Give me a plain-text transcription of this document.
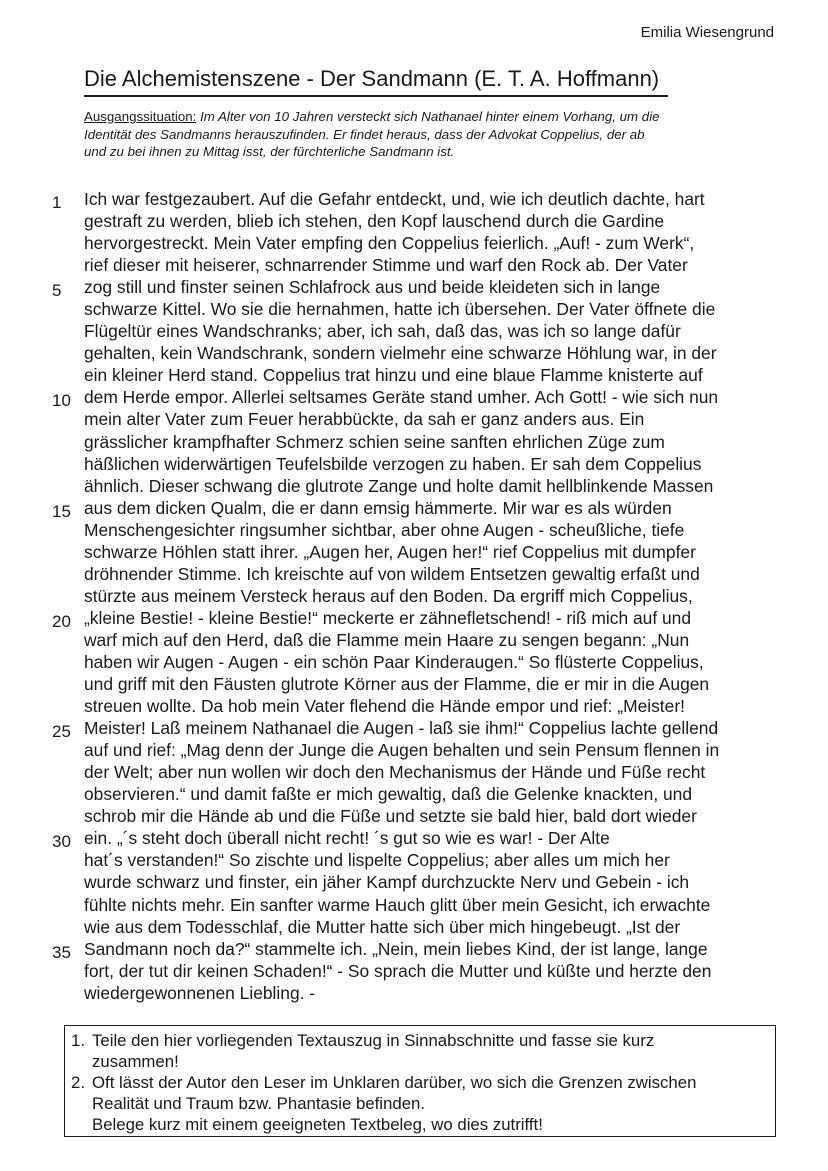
Emilia Wiesengrund
Die Alchemistenszene - Der Sandmann (E. T. A. Hoffmann)
Ausgangssituation: Im Alter von 10 Jahren versteckt sich Nathanael hinter einem Vorhang, um die
Identität des Sandmanns herauszufinden. Er findet heraus, dass der Advokat Coppelius, der ab
und zu bei ihnen zu Mittag isst, der fürchterliche Sandmann ist.
1 Ich war festgezaubert. Auf die Gefahr entdeckt, und, wie ich deutlich dachte, hart
gestraft zu werden, blieb ich stehen, den Kopf lauschend durch die Gardine
hervorgestreckt. Mein Vater empfing den Coppelius feierlich. „Auf! - zum Werk“,
rief dieser mit heiserer, schnarrender Stimme und warf den Rock ab. Der Vater
5 zog still und finster seinen Schlafrock aus und beide kleideten sich in lange
schwarze Kittel. Wo sie die hernahmen, hatte ich übersehen. Der Vater öffnete die
Flügeltür eines Wandschranks; aber, ich sah, daß das, was ich so lange dafür
gehalten, kein Wandschrank, sondern vielmehr eine schwarze Höhlung war, in der
ein kleiner Herd stand. Coppelius trat hinzu und eine blaue Flamme knisterte auf
10 dem Herde empor. Allerlei seltsames Geräte stand umher. Ach Gott! - wie sich nun
mein alter Vater zum Feuer herabbückte, da sah er ganz anders aus. Ein
grässlicher krampfhafter Schmerz schien seine sanften ehrlichen Züge zum
häßlichen widerwärtigen Teufelsbilde verzogen zu haben. Er sah dem Coppelius
ähnlich. Dieser schwang die glutrote Zange und holte damit hellblinkende Massen
15 aus dem dicken Qualm, die er dann emsig hämmerte. Mir war es als würden
Menschengesichter ringsumher sichtbar, aber ohne Augen - scheußliche, tiefe
schwarze Höhlen statt ihrer. „Augen her, Augen her!“ rief Coppelius mit dumpfer
dröhnender Stimme. Ich kreischte auf von wildem Entsetzen gewaltig erfaßt und
stürzte aus meinem Versteck heraus auf den Boden. Da ergriff mich Coppelius,
20 „kleine Bestie! - kleine Bestie!“ meckerte er zähnefletschend! - riß mich auf und
warf mich auf den Herd, daß die Flamme mein Haare zu sengen begann: „Nun
haben wir Augen - Augen - ein schön Paar Kinderaugen.“ So flüsterte Coppelius,
und griff mit den Fäusten glutrote Körner aus der Flamme, die er mir in die Augen
streuen wollte. Da hob mein Vater flehend die Hände empor und rief: „Meister!
25 Meister! Laß meinem Nathanael die Augen - laß sie ihm!“ Coppelius lachte gellend
auf und rief: „Mag denn der Junge die Augen behalten und sein Pensum flennen in
der Welt; aber nun wollen wir doch den Mechanismus der Hände und Füße recht
observieren.“ und damit faßte er mich gewaltig, daß die Gelenke knackten, und
schrob mir die Hände ab und die Füße und setzte sie bald hier, bald dort wieder
30 ein. „´s steht doch überall nicht recht! ´s gut so wie es war! - Der Alte
hat´s verstanden!“ So zischte und lispelte Coppelius; aber alles um mich her
wurde schwarz und finster, ein jäher Kampf durchzuckte Nerv und Gebein - ich
fühlte nichts mehr. Ein sanfter warme Hauch glitt über mein Gesicht, ich erwachte
wie aus dem Todesschlaf, die Mutter hatte sich über mich hingebeugt. „Ist der
35 Sandmann noch da?“ stammelte ich. „Nein, mein liebes Kind, der ist lange, lange
fort, der tut dir keinen Schaden!“ - So sprach die Mutter und küßte und herzte den
wiedergewonnenen Liebling. -
1. Teile den hier vorliegenden Textauszug in Sinnabschnitte und fasse sie kurz
zusammen!
2. Oft lässt der Autor den Leser im Unklaren darüber, wo sich die Grenzen zwischen
Realität und Traum bzw. Phantasie befinden.
Belege kurz mit einem geeigneten Textbeleg, wo dies zutrifft!
